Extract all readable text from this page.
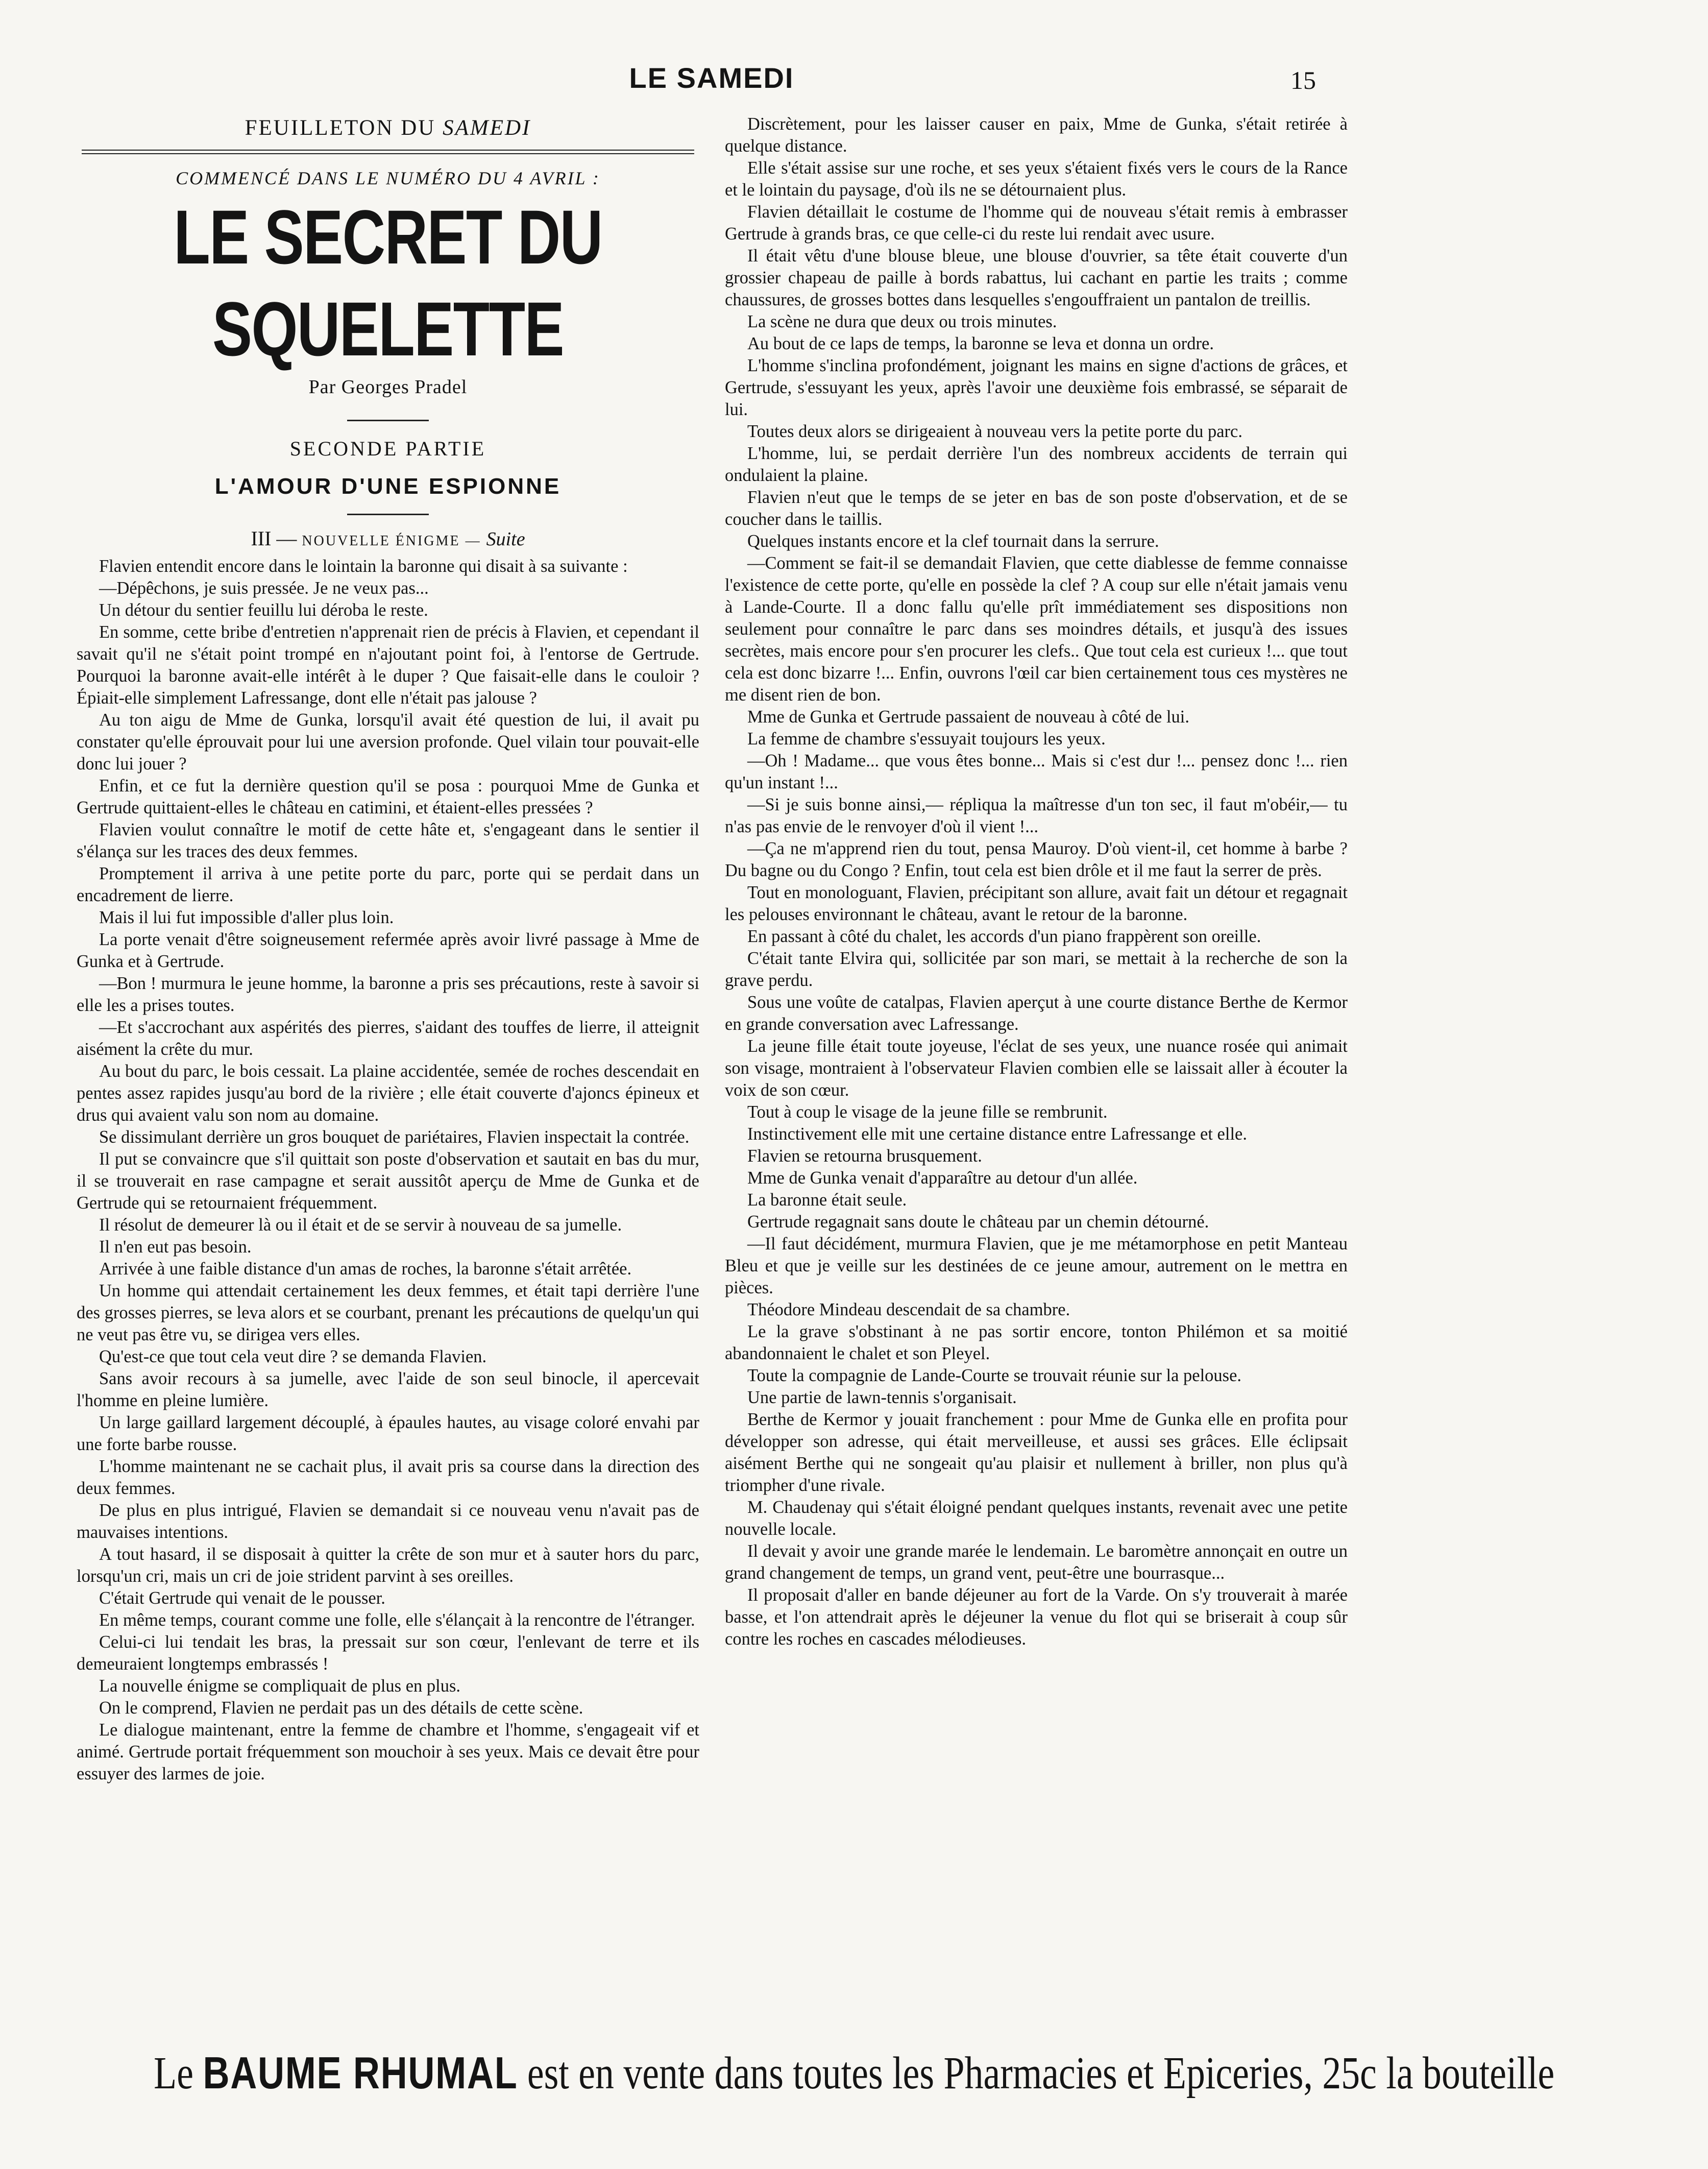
LE SAMEDI	15
FEUILLETON DU SAMEDI
COMMENCÉ DANS LE NUMÉRO DU 4 AVRIL :
LE SECRET DU SQUELETTE
Par Georges Pradel
SECONDE PARTIE
L'AMOUR D'UNE ESPIONNE
III — NOUVELLE ÉNIGME — Suite

Flavien entendit encore dans le lointain la baronne qui disait à sa suivante :

—Dépêchons, je suis pressée. Je ne veux pas...

Un détour du sentier feuillu lui déroba le reste.

En somme, cette bribe d'entretien n'apprenait rien de précis à Flavien, et cependant il savait qu'il ne s'était point trompé en n'ajoutant point foi, à l'entorse de Gertrude. Pourquoi la baronne avait-elle intérêt à le duper ? Que faisait-elle dans le couloir ? Épiait-elle simplement Lafressange, dont elle n'était pas jalouse ?

Au ton aigu de Mme de Gunka, lorsqu'il avait été question de lui, il avait pu constater qu'elle éprouvait pour lui une aversion profonde. Quel vilain tour pouvait-elle donc lui jouer ?

Enfin, et ce fut la dernière question qu'il se posa : pourquoi Mme de Gunka et Gertrude quittaient-elles le château en catimini, et étaient-elles pressées ?

Flavien voulut connaître le motif de cette hâte et, s'engageant dans le sentier il s'élança sur les traces des deux femmes.

Promptement il arriva à une petite porte du parc, porte qui se perdait dans un encadrement de lierre.

Mais il lui fut impossible d'aller plus loin.

La porte venait d'être soigneusement refermée après avoir livré passage à Mme de Gunka et à Gertrude.

—Bon ! murmura le jeune homme, la baronne a pris ses précautions, reste à savoir si elle les a prises toutes.

—Et s'accrochant aux aspérités des pierres, s'aidant des touffes de lierre, il atteignit aisément la crête du mur.

Au bout du parc, le bois cessait. La plaine accidentée, semée de roches descendait en pentes assez rapides jusqu'au bord de la rivière ; elle était couverte d'ajoncs épineux et drus qui avaient valu son nom au domaine.

Se dissimulant derrière un gros bouquet de pariétaires, Flavien inspectait la contrée.

Il put se convaincre que s'il quittait son poste d'observation et sautait en bas du mur, il se trouverait en rase campagne et serait aussitôt aperçu de Mme de Gunka et de Gertrude qui se retournaient fréquemment.

Il résolut de demeurer là ou il était et de se servir à nouveau de sa jumelle.

Il n'en eut pas besoin.

Arrivée à une faible distance d'un amas de roches, la baronne s'était arrêtée.

Un homme qui attendait certainement les deux femmes, et était tapi derrière l'une des grosses pierres, se leva alors et se courbant, prenant les précautions de quelqu'un qui ne veut pas être vu, se dirigea vers elles.

Qu'est-ce que tout cela veut dire ? se demanda Flavien.

Sans avoir recours à sa jumelle, avec l'aide de son seul binocle, il apercevait l'homme en pleine lumière.

Un large gaillard largement découplé, à épaules hautes, au visage coloré envahi par une forte barbe rousse.

L'homme maintenant ne se cachait plus, il avait pris sa course dans la direction des deux femmes.

De plus en plus intrigué, Flavien se demandait si ce nouveau venu n'avait pas de mauvaises intentions.

A tout hasard, il se disposait à quitter la crête de son mur et à sauter hors du parc, lorsqu'un cri, mais un cri de joie strident parvint à ses oreilles.

C'était Gertrude qui venait de le pousser.

En même temps, courant comme une folle, elle s'élançait à la rencontre de l'étranger.

Celui-ci lui tendait les bras, la pressait sur son cœur, l'enlevant de terre et ils demeuraient longtemps embrassés !

La nouvelle énigme se compliquait de plus en plus.

On le comprend, Flavien ne perdait pas un des détails de cette scène.

Le dialogue maintenant, entre la femme de chambre et l'homme, s'engageait vif et animé. Gertrude portait fréquemment son mouchoir à ses yeux. Mais ce devait être pour essuyer des larmes de joie.

Discrètement, pour les laisser causer en paix, Mme de Gunka, s'était retirée à quelque distance.

Elle s'était assise sur une roche, et ses yeux s'étaient fixés vers le cours de la Rance et le lointain du paysage, d'où ils ne se détournaient plus.

Flavien détaillait le costume de l'homme qui de nouveau s'était remis à embrasser Gertrude à grands bras, ce que celle-ci du reste lui rendait avec usure.

Il était vêtu d'une blouse bleue, une blouse d'ouvrier, sa tête était couverte d'un grossier chapeau de paille à bords rabattus, lui cachant en partie les traits ; comme chaussures, de grosses bottes dans lesquelles s'engouffraient un pantalon de treillis.

La scène ne dura que deux ou trois minutes.

Au bout de ce laps de temps, la baronne se leva et donna un ordre.

L'homme s'inclina profondément, joignant les mains en signe d'actions de grâces, et Gertrude, s'essuyant les yeux, après l'avoir une deuxième fois embrassé, se séparait de lui.

Toutes deux alors se dirigeaient à nouveau vers la petite porte du parc.

L'homme, lui, se perdait derrière l'un des nombreux accidents de terrain qui ondulaient la plaine.

Flavien n'eut que le temps de se jeter en bas de son poste d'observation, et de se coucher dans le taillis.

Quelques instants encore et la clef tournait dans la serrure.

—Comment se fait-il se demandait Flavien, que cette diablesse de femme connaisse l'existence de cette porte, qu'elle en possède la clef ? A coup sur elle n'était jamais venu à Lande-Courte. Il a donc fallu qu'elle prît immédiatement ses dispositions non seulement pour connaître le parc dans ses moindres détails, et jusqu'à des issues secrètes, mais encore pour s'en procurer les clefs.. Que tout cela est curieux !... que tout cela est donc bizarre !... Enfin, ouvrons l'œil car bien certainement tous ces mystères ne me disent rien de bon.

Mme de Gunka et Gertrude passaient de nouveau à côté de lui.

La femme de chambre s'essuyait toujours les yeux.

—Oh ! Madame... que vous êtes bonne... Mais si c'est dur !... pensez donc !... rien qu'un instant !...

—Si je suis bonne ainsi,— répliqua la maîtresse d'un ton sec, il faut m'obéir,— tu n'as pas envie de le renvoyer d'où il vient !...

—Ça ne m'apprend rien du tout, pensa Mauroy. D'où vient-il, cet homme à barbe ? Du bagne ou du Congo ? Enfin, tout cela est bien drôle et il me faut la serrer de près.

Tout en monologuant, Flavien, précipitant son allure, avait fait un détour et regagnait les pelouses environnant le château, avant le retour de la baronne.

En passant à côté du chalet, les accords d'un piano frappèrent son oreille.

C'était tante Elvira qui, sollicitée par son mari, se mettait à la recherche de son la grave perdu.

Sous une voûte de catalpas, Flavien aperçut à une courte distance Berthe de Kermor en grande conversation avec Lafressange.

La jeune fille était toute joyeuse, l'éclat de ses yeux, une nuance rosée qui animait son visage, montraient à l'observateur Flavien combien elle se laissait aller à écouter la voix de son cœur.

Tout à coup le visage de la jeune fille se rembrunit.

Instinctivement elle mit une certaine distance entre Lafressange et elle.

Flavien se retourna brusquement.

Mme de Gunka venait d'apparaître au detour d'un allée.

La baronne était seule.

Gertrude regagnait sans doute le château par un chemin détourné.

—Il faut décidément, murmura Flavien, que je me métamorphose en petit Manteau Bleu et que je veille sur les destinées de ce jeune amour, autrement on le mettra en pièces.

Théodore Mindeau descendait de sa chambre.

Le la grave s'obstinant à ne pas sortir encore, tonton Philémon et sa moitié abandonnaient le chalet et son Pleyel.

Toute la compagnie de Lande-Courte se trouvait réunie sur la pelouse.

Une partie de lawn-tennis s'organisait.

Berthe de Kermor y jouait franchement : pour Mme de Gunka elle en profita pour développer son adresse, qui était merveilleuse, et aussi ses grâces. Elle éclipsait aisément Berthe qui ne songeait qu'au plaisir et nullement à briller, non plus qu'à triompher d'une rivale.

M. Chaudenay qui s'était éloigné pendant quelques instants, revenait avec une petite nouvelle locale.

Il devait y avoir une grande marée le lendemain. Le baromètre annonçait en outre un grand changement de temps, un grand vent, peut-être une bourrasque...

Il proposait d'aller en bande déjeuner au fort de la Varde. On s'y trouverait à marée basse, et l'on attendrait après le déjeuner la venue du flot qui se briserait à coup sûr contre les roches en cascades mélodieuses.

Le BAUME RHUMAL est en vente dans toutes les Pharmacies et Epiceries, 25c la bouteille
